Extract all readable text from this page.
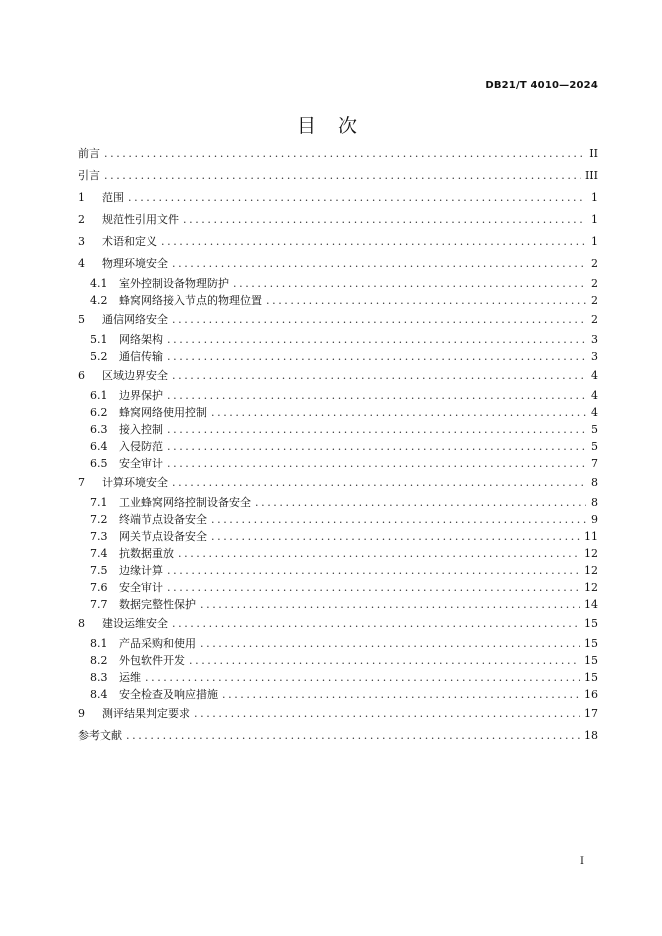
DB21/T 4010—2024
目 次
前言 .....	II
引言 .....	III
1	范围 .....	1
2	规范性引用文件 .....	1
3	术语和定义 .....	1
4	物理环境安全 .....	2
4.1	室外控制设备物理防护 .....	2
4.2	蜂窝网络接入节点的物理位置 .....	2
5	通信网络安全 .....	2
5.1	网络架构 .....	3
5.2	通信传输 .....	3
6	区域边界安全 .....	4
6.1	边界保护 .....	4
6.2	蜂窝网络使用控制 .....	4
6.3	接入控制 .....	5
6.4	入侵防范 .....	5
6.5	安全审计 .....	7
7	计算环境安全 .....	8
7.1	工业蜂窝网络控制设备安全 .....	8
7.2	终端节点设备安全 .....	9
7.3	网关节点设备安全 .....	11
7.4	抗数据重放 .....	12
7.5	边缘计算 .....	12
7.6	安全审计 .....	12
7.7	数据完整性保护 .....	14
8	建设运维安全 .....	15
8.1	产品采购和使用 .....	15
8.2	外包软件开发 .....	15
8.3	运维 .....	15
8.4	安全检查及响应措施 .....	16
9	测评结果判定要求 .....	17
参考文献 .....	18
I
